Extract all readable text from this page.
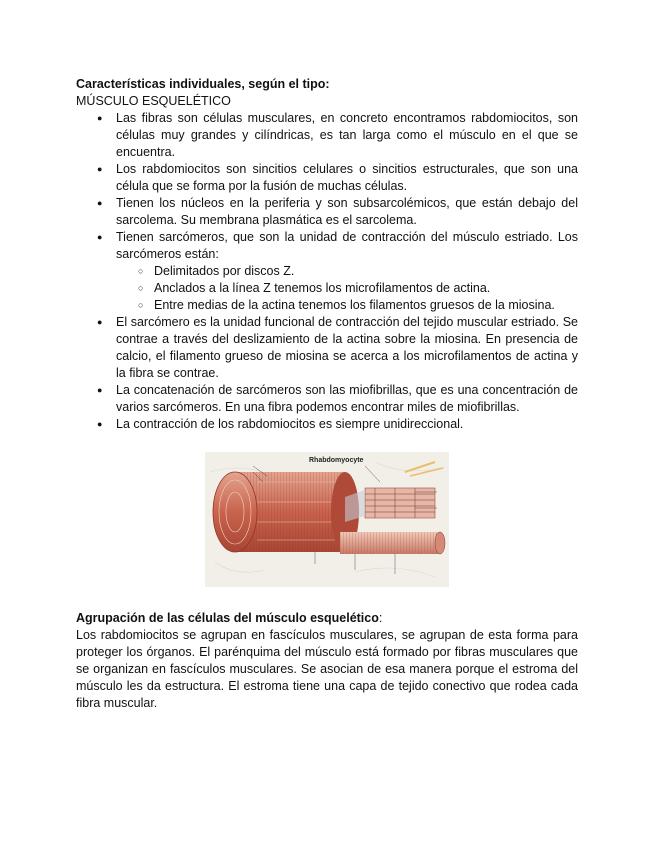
Características individuales, según el tipo:

MÚSCULO ESQUELÉTICO

● Las fibras son células musculares, en concreto encontramos rabdomiocitos, son células muy grandes y cilíndricas, es tan larga como el músculo en el que se encuentra.
● Los rabdomiocitos son sincitios celulares o sincitios estructurales, que son una célula que se forma por la fusión de muchas células.
● Tienen los núcleos en la periferia y son subsarcolémicos, que están debajo del sarcolema. Su membrana plasmática es el sarcolema.
● Tienen sarcómeros, que son la unidad de contracción del músculo estriado. Los sarcómeros están:
○ Delimitados por discos Z.
○ Anclados a la línea Z tenemos los microfilamentos de actina.
○ Entre medias de la actina tenemos los filamentos gruesos de la miosina.
● El sarcómero es la unidad funcional de contracción del tejido muscular estriado. Se contrae a través del deslizamiento de la actina sobre la miosina. En presencia de calcio, el filamento grueso de miosina se acerca a los microfilamentos de actina y la fibra se contrae.
● La concatenación de sarcómeros son las miofibrillas, que es una concentración de varios sarcómeros. En una fibra podemos encontrar miles de miofibrillas.
● La contracción de los rabdomiocitos es siempre unidireccional.
Rhabdomyocyte

Agrupación de las células del músculo esquelético:

Los rabdomiocitos se agrupan en fascículos musculares, se agrupan de esta forma para proteger los órganos. El parénquima del músculo está formado por fibras musculares que se organizan en fascículos musculares. Se asocian de esa manera porque el estroma del músculo les da estructura. El estroma tiene una capa de tejido conectivo que rodea cada fibra muscular.
